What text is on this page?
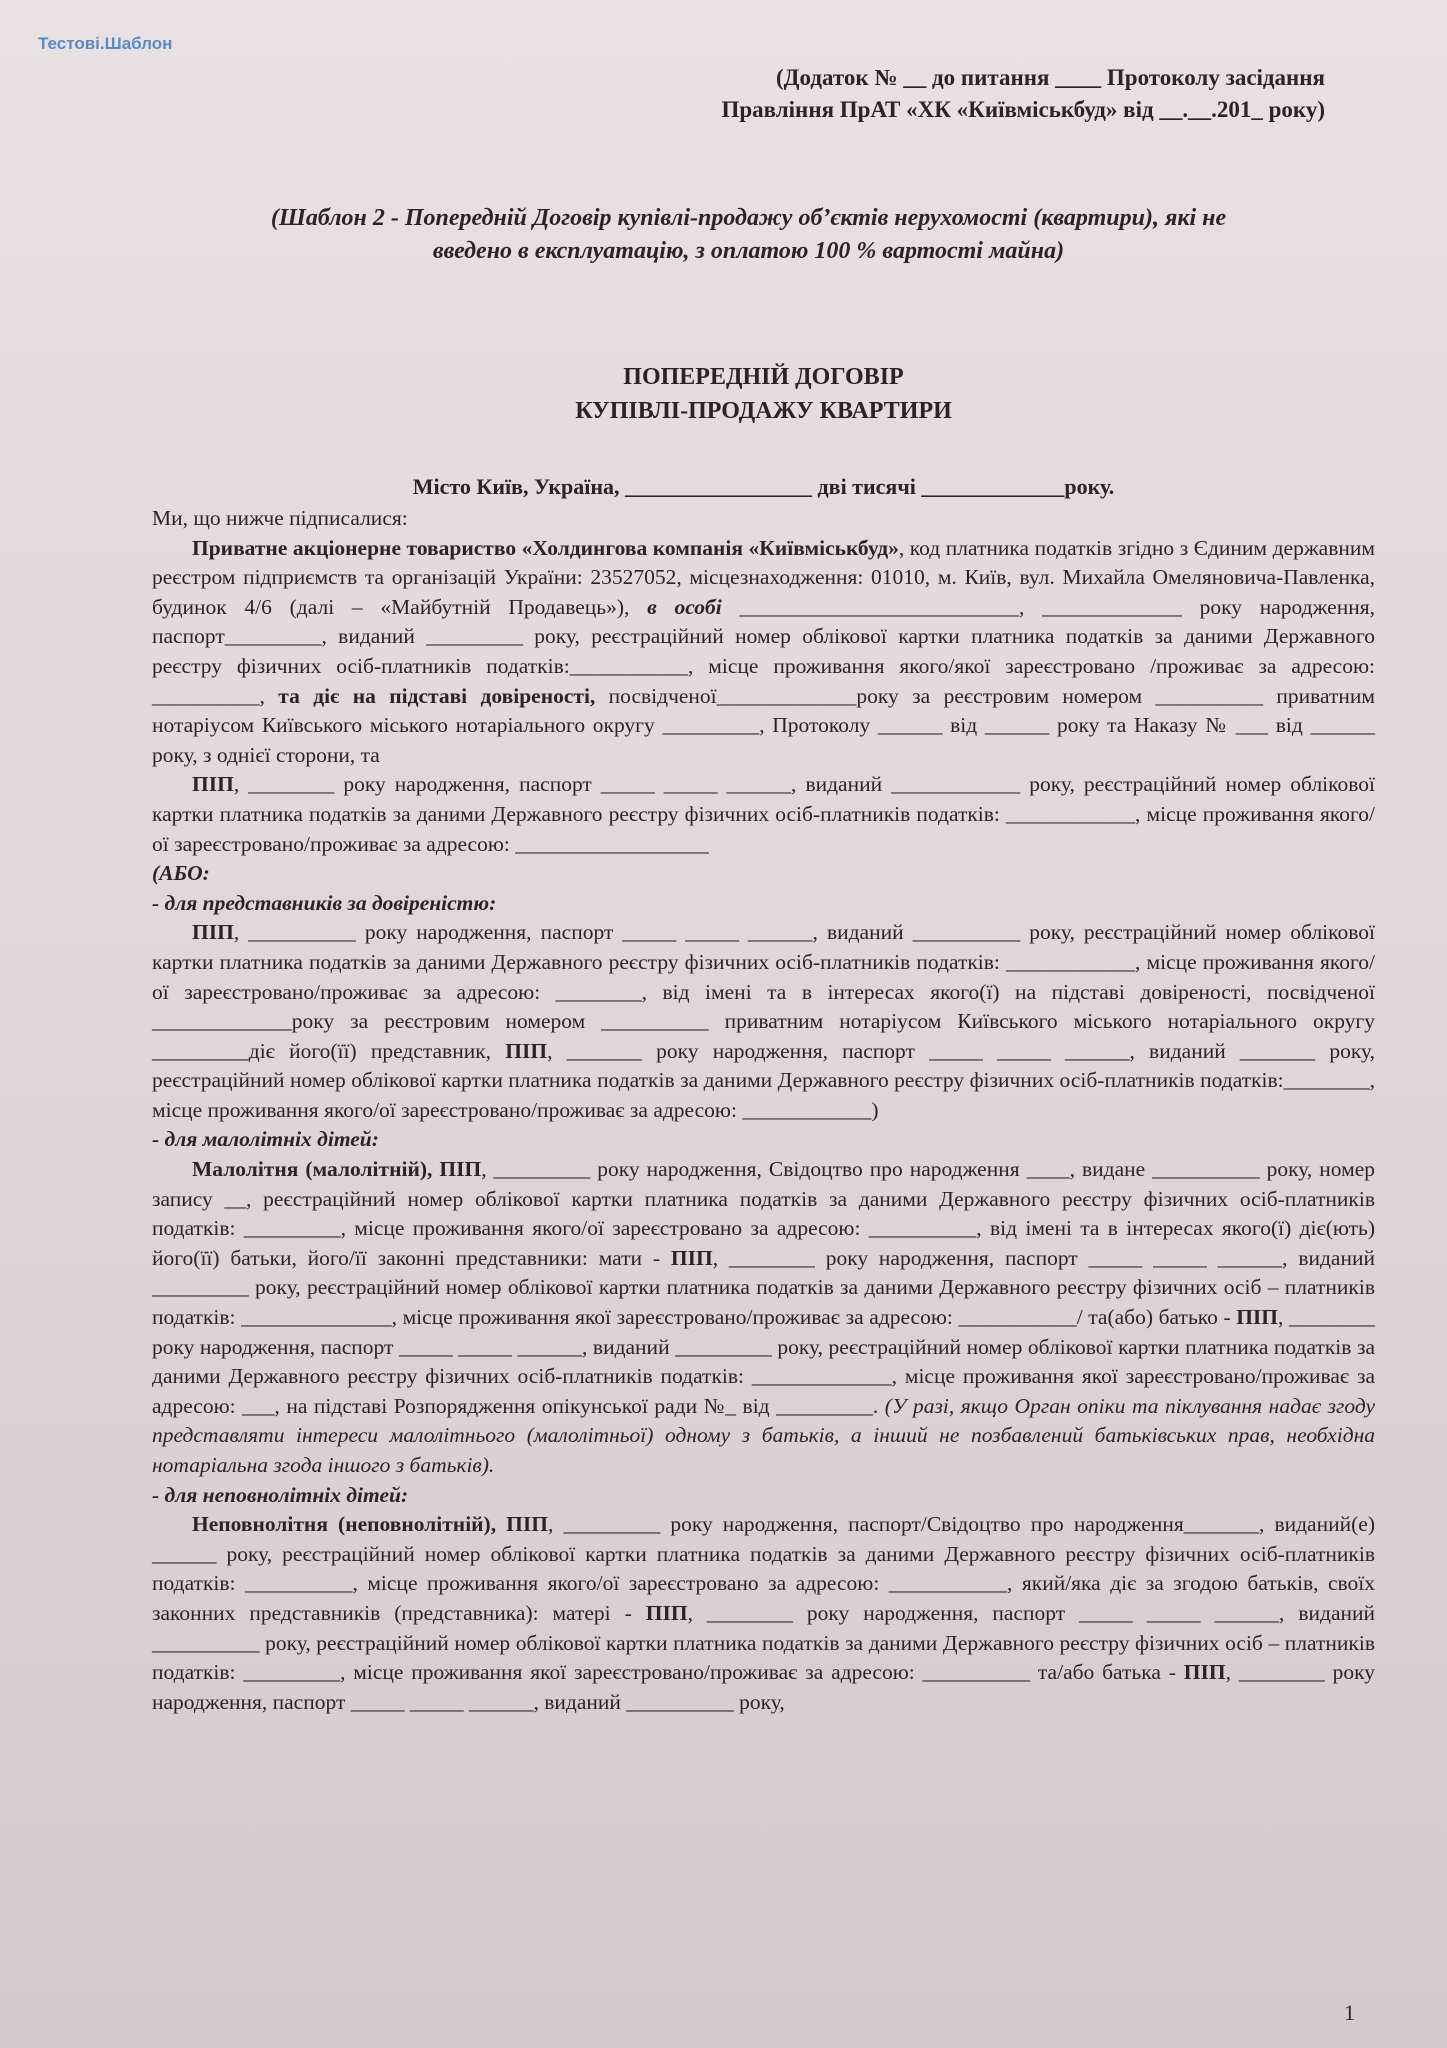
Тестові.Шаблон
(Додаток № __ до питання ____ Протоколу засідання
Правління ПрАТ «ХК «Київміськбуд» від __.__.201_ року)
(Шаблон 2 - Попередній Договір купівлі-продажу об’єктів нерухомості (квартири), які не
введено в експлуатацію, з оплатою 100 % вартості майна)
ПОПЕРЕДНІЙ ДОГОВІР
КУПІВЛІ-ПРОДАЖУ КВАРТИРИ
Місто Київ, Україна, _________________ дві тисячі _____________року.

Ми, що нижче підписалися:

Приватне акціонерне товариство «Холдингова компанія «Київміськбуд», код платника податків згідно з Єдиним державним реєстром підприємств та організацій України: 23527052, місцезнаходження: 01010, м. Київ, вул. Михайла Омеляновича-Павленка, будинок 4/6 (далі – «Майбутній Продавець»), в особі __________________________, _____________ року народження, паспорт_________, виданий _________ року, реєстраційний номер облікової картки платника податків за даними Державного реєстру фізичних осіб-платників податків:___________, місце проживання якого/якої зареєстровано /проживає за адресою: __________, та діє на підставі довіреності, посвідченої_____________року за реєстровим номером __________ приватним нотаріусом Київського міського нотаріального округу _________, Протоколу ______ від ______ року та Наказу № ___ від ______ року, з однієї сторони, та

ПІП, ________ року народження, паспорт _____ _____ ______, виданий ____________ року, реєстраційний номер облікової картки платника податків за даними Державного реєстру фізичних осіб-платників податків: ____________, місце проживання якого/ої зареєстровано/проживає за адресою: __________________

(АБО:

- для представників за довіреністю:

ПІП, __________ року народження, паспорт _____ _____ ______, виданий __________ року, реєстраційний номер облікової картки платника податків за даними Державного реєстру фізичних осіб-платників податків: ____________, місце проживання якого/ої зареєстровано/проживає за адресою: ________, від імені та в інтересах якого(ї) на підставі довіреності, посвідченої _____________року за реєстровим номером __________ приватним нотаріусом Київського міського нотаріального округу _________діє його(її) представник, ПІП, _______ року народження, паспорт _____ _____ ______, виданий _______ року, реєстраційний номер облікової картки платника податків за даними Державного реєстру фізичних осіб-платників податків:________, місце проживання якого/ої зареєстровано/проживає за адресою: ____________)

- для малолітніх дітей:

Малолітня (малолітній), ПІП, _________ року народження, Свідоцтво про народження ____, видане __________ року, номер запису __, реєстраційний номер облікової картки платника податків за даними Державного реєстру фізичних осіб-платників податків: _________, місце проживання якого/ої зареєстровано за адресою: __________, від імені та в інтересах якого(ї) діє(ють) його(її) батьки, його/її законні представники: мати - ПІП, ________ року народження, паспорт _____ _____ ______, виданий _________ року, реєстраційний номер облікової картки платника податків за даними Державного реєстру фізичних осіб – платників податків: ______________, місце проживання якої зареєстровано/проживає за адресою: ___________/ та(або) батько - ПІП, ________ року народження, паспорт _____ _____ ______, виданий _________ року, реєстраційний номер облікової картки платника податків за даними Державного реєстру фізичних осіб-платників податків: _____________, місце проживання якої зареєстровано/проживає за адресою: ___, на підставі Розпорядження опікунської ради №_ від _________. (У разі, якщо Орган опіки та піклування надає згоду представляти інтереси малолітнього (малолітньої) одному з батьків, а інший не позбавлений батьківських прав, необхідна нотаріальна згода іншого з батьків).

- для неповнолітніх дітей:

Неповнолітня (неповнолітній), ПІП, _________ року народження, паспорт/Свідоцтво про народження_______, виданий(е) ______ року, реєстраційний номер облікової картки платника податків за даними Державного реєстру фізичних осіб-платників податків: __________, місце проживання якого/ої зареєстровано за адресою: ___________, який/яка діє за згодою батьків, своїх законних представників (представника): матері - ПІП, ________ року народження, паспорт _____ _____ ______, виданий __________ року, реєстраційний номер облікової картки платника податків за даними Державного реєстру фізичних осіб – платників податків: _________, місце проживання якої зареєстровано/проживає за адресою: __________ та/або батька - ПІП, ________ року народження, паспорт _____ _____ ______, виданий __________ року,

1
